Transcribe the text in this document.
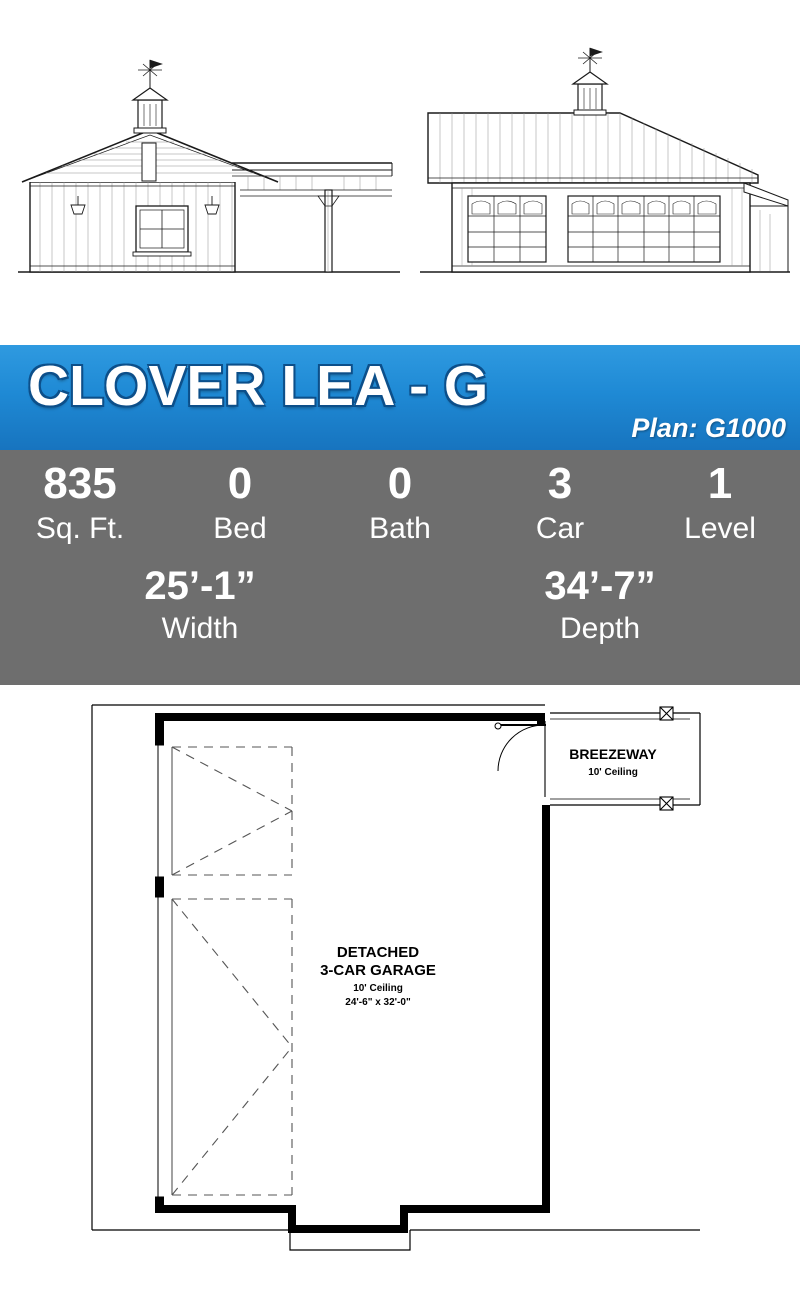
CLOVER LEA - G
Plan: G1000
835
Sq. Ft.
0
Bed
0
Bath
3
Car
1
Level
25’-1”
Width
34’-7”
Depth
BREEZEWAY
10' Ceiling
DETACHED
3-CAR GARAGE
10' Ceiling
24'-6" x 32'-0"
